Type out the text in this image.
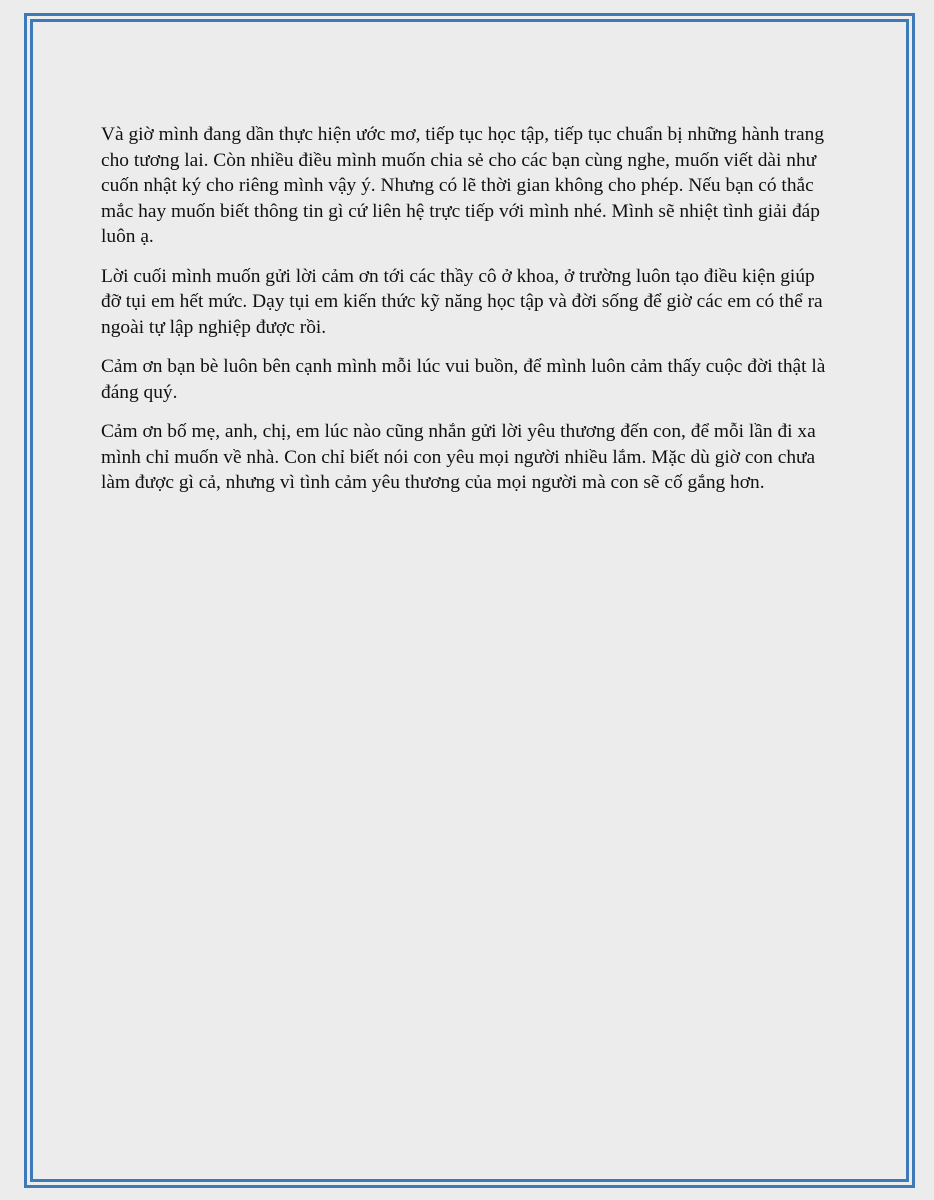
Và giờ mình đang dần thực hiện ước mơ, tiếp tục học tập, tiếp tục chuẩn bị những hành trang cho tương lai. Còn nhiều điều mình muốn chia sẻ cho các bạn cùng nghe, muốn viết dài như cuốn nhật ký cho riêng mình vậy ý. Nhưng có lẽ thời gian không cho phép. Nếu bạn có thắc mắc hay muốn biết thông tin gì cứ liên hệ trực tiếp với mình nhé. Mình sẽ nhiệt tình giải đáp luôn ạ.

Lời cuối mình muốn gửi lời cảm ơn tới các thầy cô ở khoa, ở trường luôn tạo điều kiện giúp đỡ tụi em hết mức. Dạy tụi em kiến thức kỹ năng học tập và đời sống để giờ các em có thể ra ngoài tự lập nghiệp được rồi.

Cảm ơn bạn bè luôn bên cạnh mình mỗi lúc vui buồn, để mình luôn cảm thấy cuộc đời thật là đáng quý.

Cảm ơn bố mẹ, anh, chị, em lúc nào cũng nhắn gửi lời yêu thương đến con, để mỗi lần đi xa mình chỉ muốn về nhà. Con chỉ biết nói con yêu mọi người nhiều lắm. Mặc dù giờ con chưa làm được gì cả, nhưng vì tình cảm yêu thương của mọi người mà con sẽ cố gắng hơn.
